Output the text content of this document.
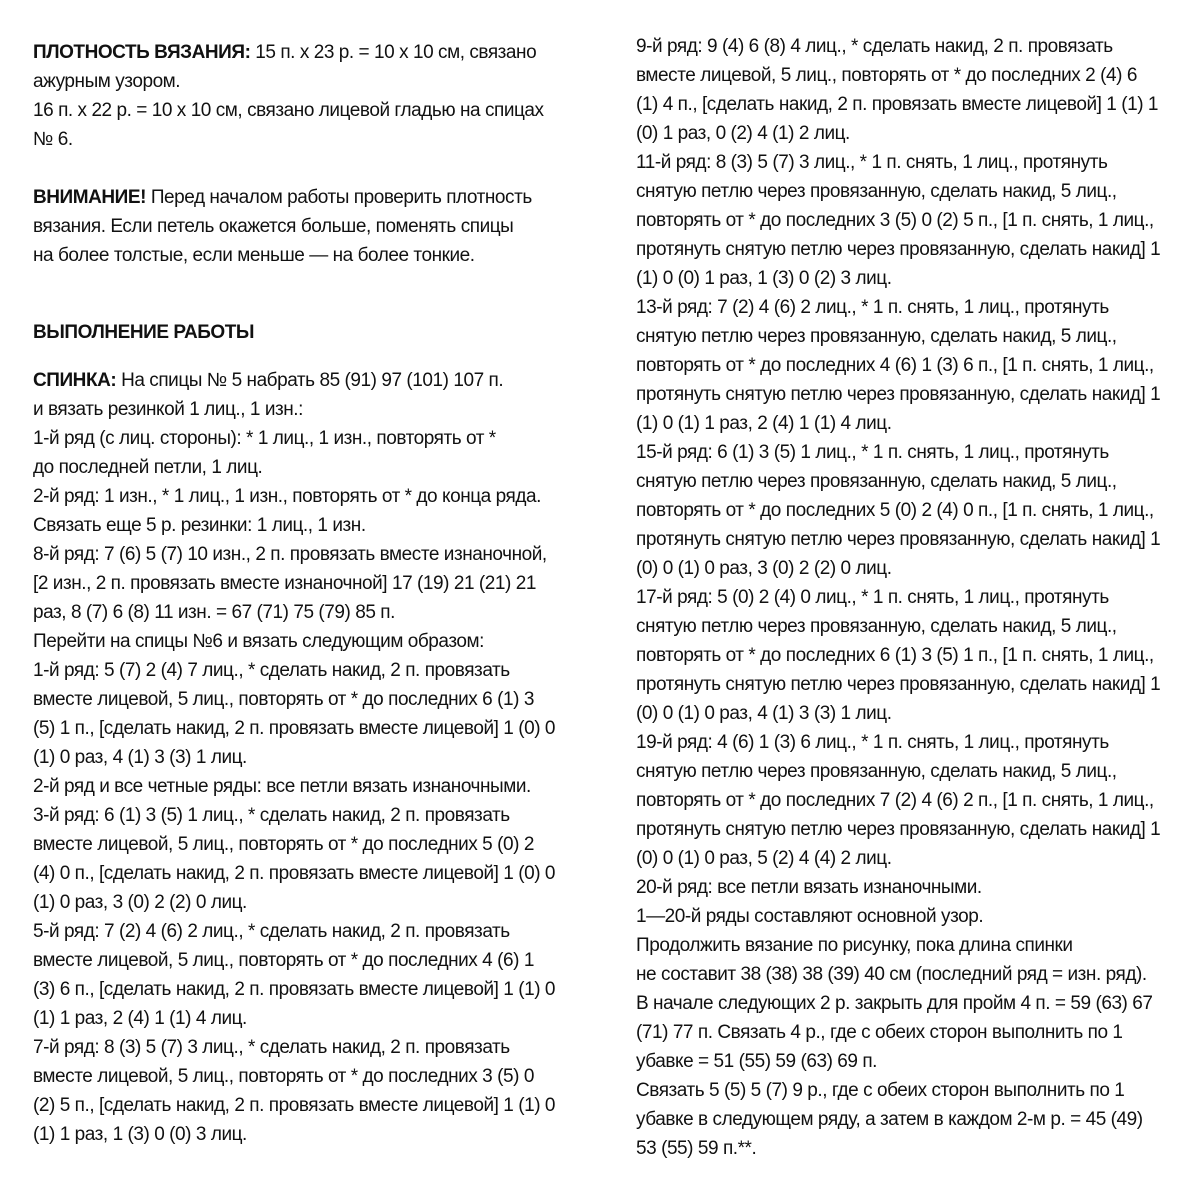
ПЛОТНОСТЬ ВЯЗАНИЯ: 15 п. х 23 р. = 10 х 10 см, связано
ажурным узором.
16 п. х 22 р. = 10 х 10 см, связано лицевой гладью на спицах
№ 6.
ВНИМАНИЕ! Перед началом работы проверить плотность
вязания. Если петель окажется больше, поменять спицы
на более толстые, если меньше — на более тонкие.
ВЫПОЛНЕНИЕ РАБОТЫ
СПИНКА: На спицы № 5 набрать 85 (91) 97 (101) 107 п.
и вязать резинкой 1 лиц., 1 изн.:
1-й ряд (с лиц. стороны): * 1 лиц., 1 изн., повторять от *
до последней петли, 1 лиц.
2-й ряд: 1 изн., * 1 лиц., 1 изн., повторять от * до конца ряда.
Связать еще 5 р. резинки: 1 лиц., 1 изн.
8-й ряд: 7 (6) 5 (7) 10 изн., 2 п. провязать вместе изнаночной,
[2 изн., 2 п. провязать вместе изнаночной] 17 (19) 21 (21) 21
раз, 8 (7) 6 (8) 11 изн. = 67 (71) 75 (79) 85 п.
Перейти на спицы №6 и вязать следующим образом:
1-й ряд: 5 (7) 2 (4) 7 лиц., * сделать накид, 2 п. провязать
вместе лицевой, 5 лиц., повторять от * до последних 6 (1) 3
(5) 1 п., [сделать накид, 2 п. провязать вместе лицевой] 1 (0) 0
(1) 0 раз, 4 (1) 3 (3) 1 лиц.
2-й ряд и все четные ряды: все петли вязать изнаночными.
3-й ряд: 6 (1) 3 (5) 1 лиц., * сделать накид, 2 п. провязать
вместе лицевой, 5 лиц., повторять от * до последних 5 (0) 2
(4) 0 п., [сделать накид, 2 п. провязать вместе лицевой] 1 (0) 0
(1) 0 раз, 3 (0) 2 (2) 0 лиц.
5-й ряд: 7 (2) 4 (6) 2 лиц., * сделать накид, 2 п. провязать
вместе лицевой, 5 лиц., повторять от * до последних 4 (6) 1
(3) 6 п., [сделать накид, 2 п. провязать вместе лицевой] 1 (1) 0
(1) 1 раз, 2 (4) 1 (1) 4 лиц.
7-й ряд: 8 (3) 5 (7) 3 лиц., * сделать накид, 2 п. провязать
вместе лицевой, 5 лиц., повторять от * до последних 3 (5) 0
(2) 5 п., [сделать накид, 2 п. провязать вместе лицевой] 1 (1) 0
(1) 1 раз, 1 (3) 0 (0) 3 лиц.
9-й ряд: 9 (4) 6 (8) 4 лиц., * сделать накид, 2 п. провязать
вместе лицевой, 5 лиц., повторять от * до последних 2 (4) 6
(1) 4 п., [сделать накид, 2 п. провязать вместе лицевой] 1 (1) 1
(0) 1 раз, 0 (2) 4 (1) 2 лиц.
11-й ряд: 8 (3) 5 (7) 3 лиц., * 1 п. снять, 1 лиц., протянуть
снятую петлю через провязанную, сделать накид, 5 лиц.,
повторять от * до последних 3 (5) 0 (2) 5 п., [1 п. снять, 1 лиц.,
протянуть снятую петлю через провязанную, сделать накид] 1
(1) 0 (0) 1 раз, 1 (3) 0 (2) 3 лиц.
13-й ряд: 7 (2) 4 (6) 2 лиц., * 1 п. снять, 1 лиц., протянуть
снятую петлю через провязанную, сделать накид, 5 лиц.,
повторять от * до последних 4 (6) 1 (3) 6 п., [1 п. снять, 1 лиц.,
протянуть снятую петлю через провязанную, сделать накид] 1
(1) 0 (1) 1 раз, 2 (4) 1 (1) 4 лиц.
15-й ряд: 6 (1) 3 (5) 1 лиц., * 1 п. снять, 1 лиц., протянуть
снятую петлю через провязанную, сделать накид, 5 лиц.,
повторять от * до последних 5 (0) 2 (4) 0 п., [1 п. снять, 1 лиц.,
протянуть снятую петлю через провязанную, сделать накид] 1
(0) 0 (1) 0 раз, 3 (0) 2 (2) 0 лиц.
17-й ряд: 5 (0) 2 (4) 0 лиц., * 1 п. снять, 1 лиц., протянуть
снятую петлю через провязанную, сделать накид, 5 лиц.,
повторять от * до последних 6 (1) 3 (5) 1 п., [1 п. снять, 1 лиц.,
протянуть снятую петлю через провязанную, сделать накид] 1
(0) 0 (1) 0 раз, 4 (1) 3 (3) 1 лиц.
19-й ряд: 4 (6) 1 (3) 6 лиц., * 1 п. снять, 1 лиц., протянуть
снятую петлю через провязанную, сделать накид, 5 лиц.,
повторять от * до последних 7 (2) 4 (6) 2 п., [1 п. снять, 1 лиц.,
протянуть снятую петлю через провязанную, сделать накид] 1
(0) 0 (1) 0 раз, 5 (2) 4 (4) 2 лиц.
20-й ряд: все петли вязать изнаночными.
1—20-й ряды составляют основной узор.
Продолжить вязание по рисунку, пока длина спинки
не составит 38 (38) 38 (39) 40 см (последний ряд = изн. ряд).
В начале следующих 2 р. закрыть для пройм 4 п. = 59 (63) 67
(71) 77 п. Связать 4 р., где с обеих сторон выполнить по 1
убавке = 51 (55) 59 (63) 69 п.
Связать 5 (5) 5 (7) 9 р., где с обеих сторон выполнить по 1
убавке в следующем ряду, а затем в каждом 2-м р. = 45 (49)
53 (55) 59 п.**.
